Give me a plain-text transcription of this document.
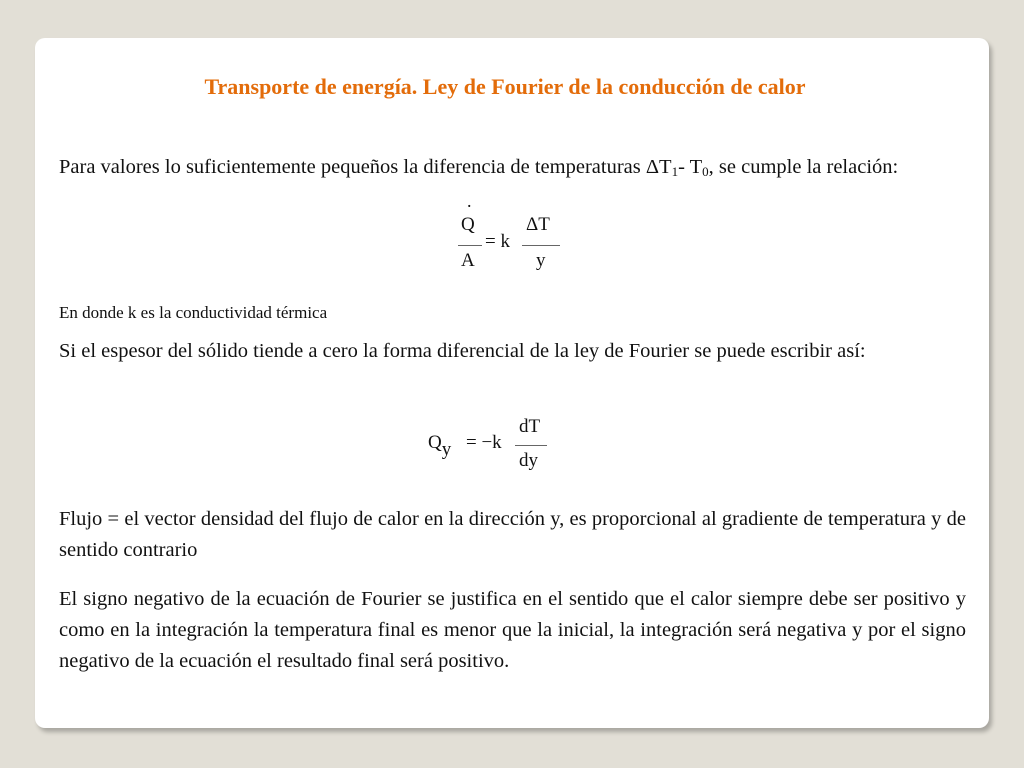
Transporte de energía. Ley de Fourier de la conducción de calor
Para valores lo suficientemente pequeños la diferencia de temperaturas $\Delta T_1-$ $T_0$, se cumple la relación:
.
Q
A
= k
ΔT
y
En donde k es la conductividad térmica
Si el espesor del sólido tiende a cero la forma diferencial de la ley de Fourier se puede escribir así:
$Q_y = -k$
dT
dy
Flujo = el vector densidad del flujo de calor en la dirección y, es proporcional al gradiente de temperatura y de sentido contrario
El signo negativo de la ecuación de Fourier se justifica en el sentido que el calor siempre debe ser positivo y como en la integración la temperatura final es menor que la inicial, la integración será negativa y por el signo negativo de la ecuación el resultado final será positivo.
